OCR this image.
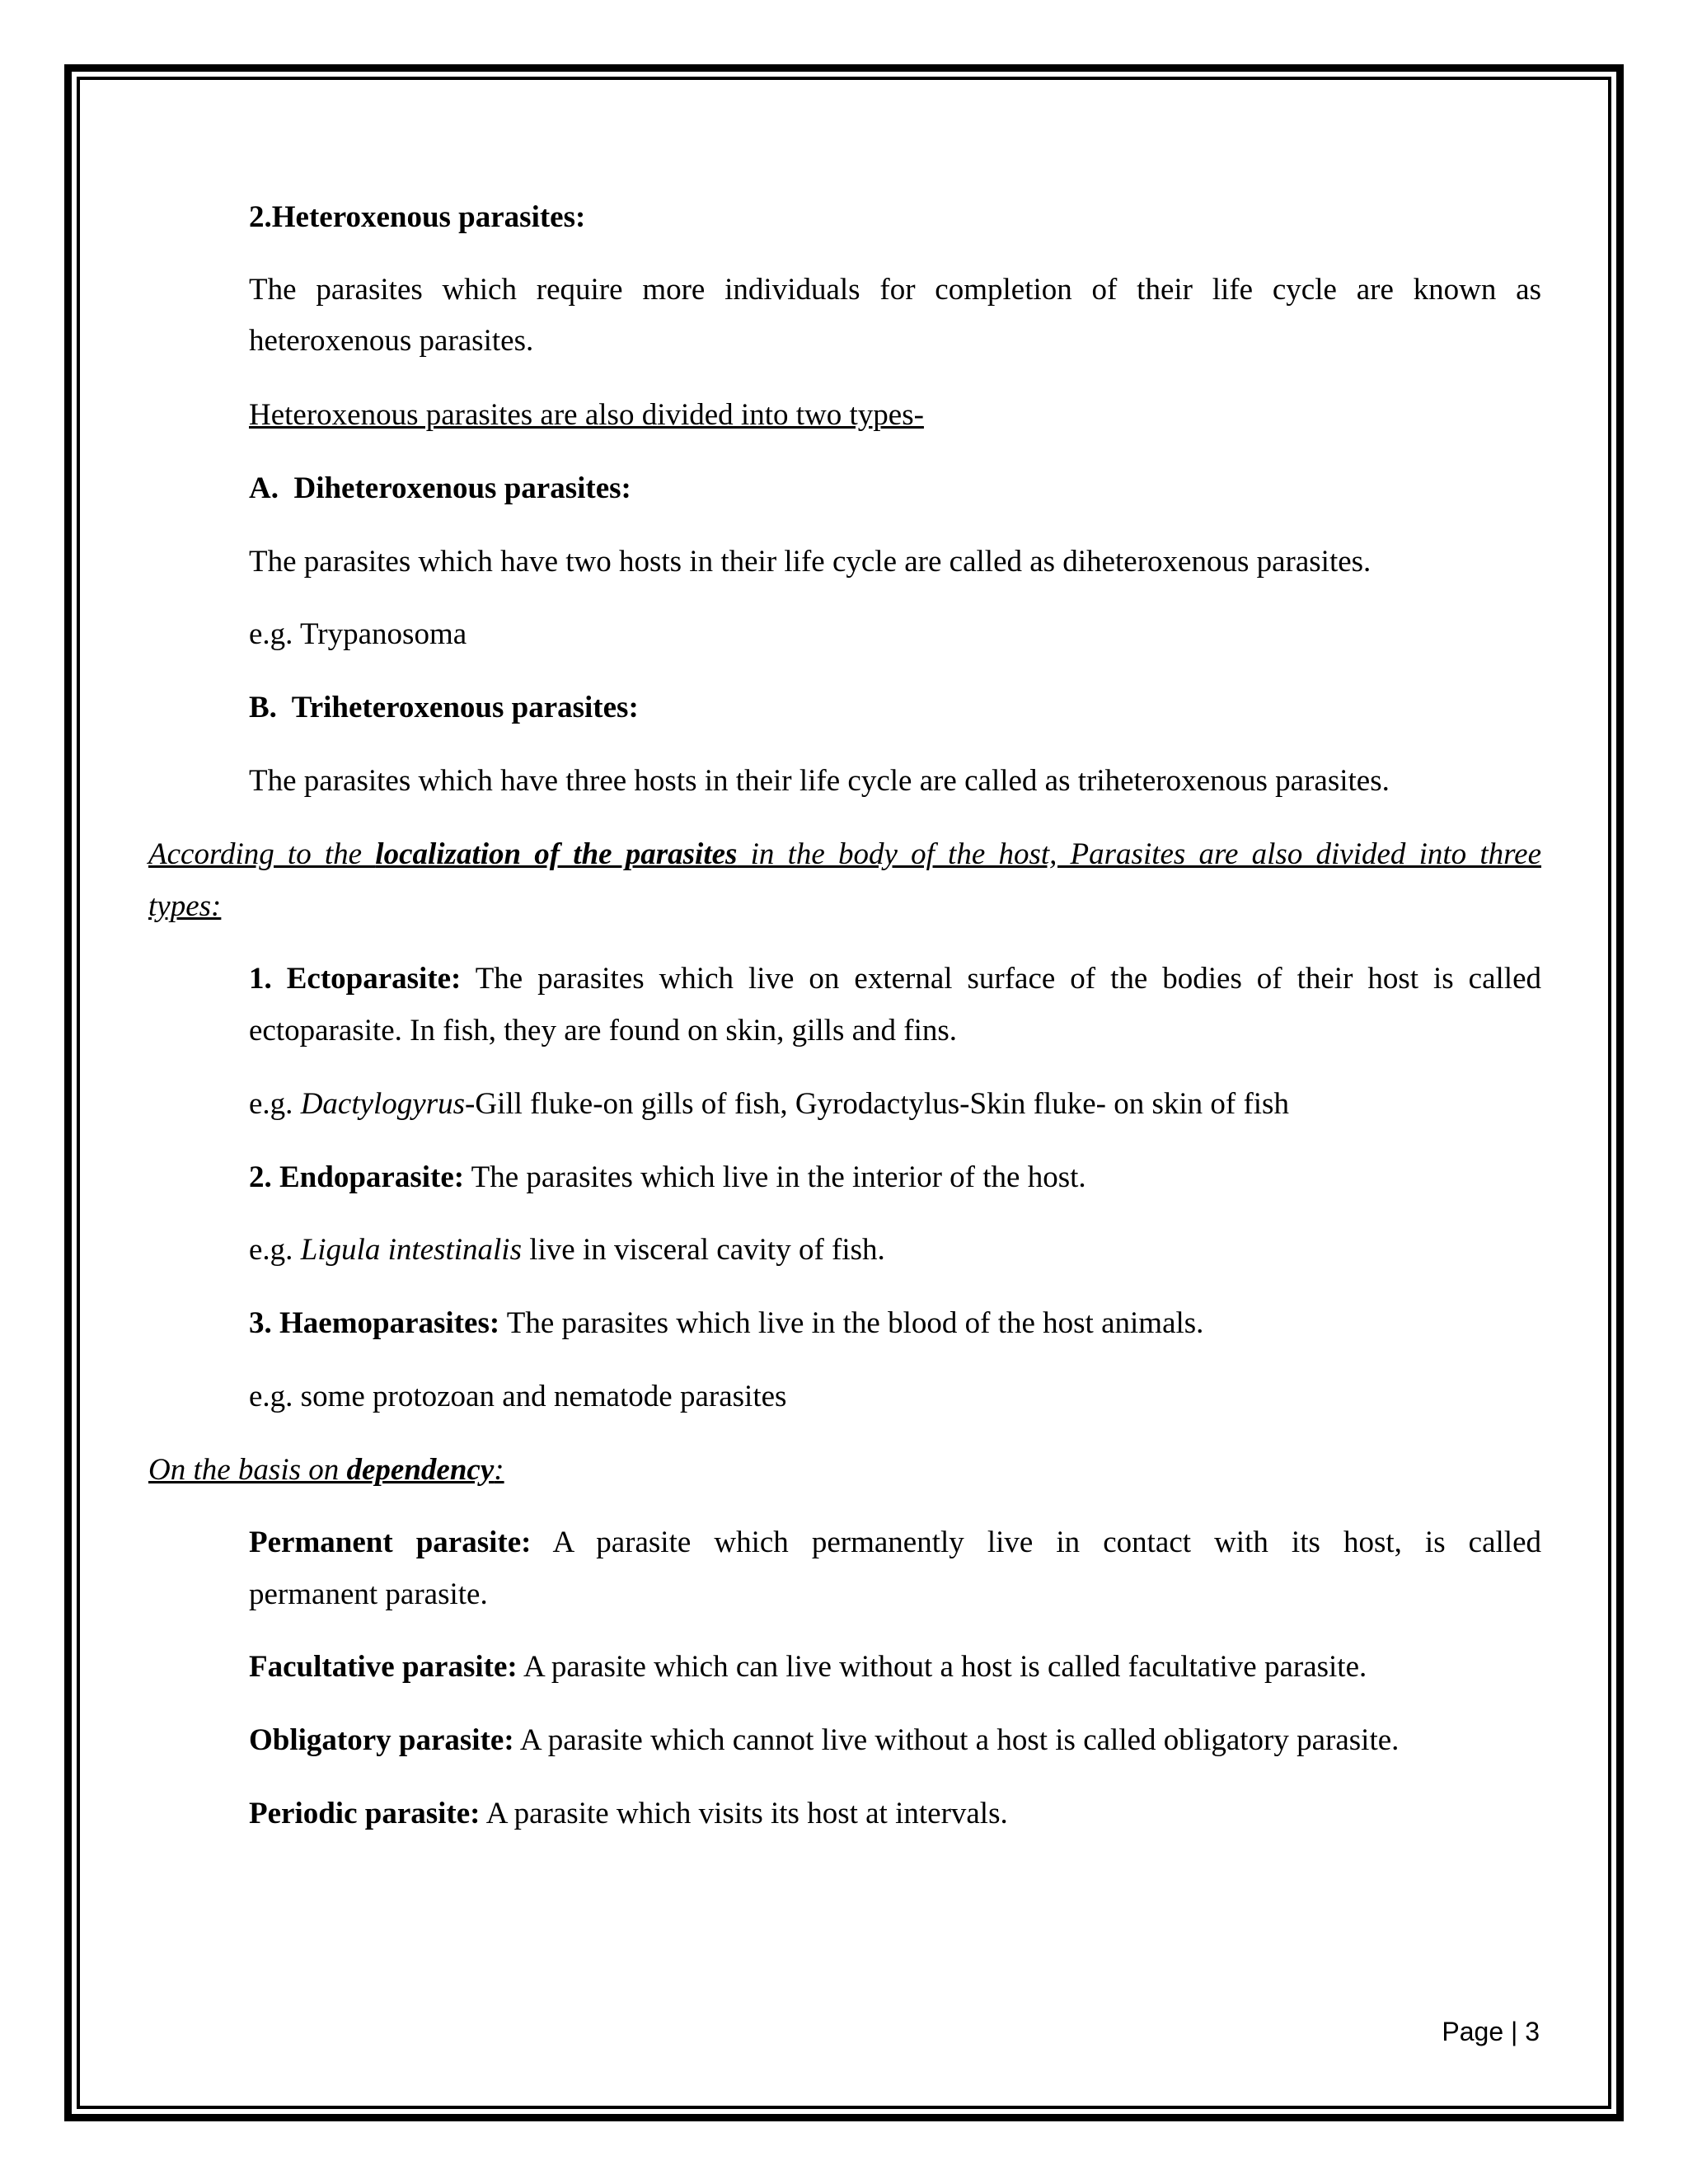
2.Heteroxenous parasites:
The parasites which require more individuals for completion of their life cycle are known as
heteroxenous parasites.
Heteroxenous parasites are also divided into two types-
A.  Diheteroxenous parasites:
The parasites which have two hosts in their life cycle are called as diheteroxenous parasites.
e.g. Trypanosoma
B.  Triheteroxenous parasites:
The parasites which have three hosts in their life cycle are called as triheteroxenous parasites.
According to the localization of the parasites in the body of the host, Parasites are also divided into three
types:
1. Ectoparasite: The parasites which live on external surface of the bodies of their host is called
ectoparasite. In fish, they are found on skin, gills and fins.
e.g. Dactylogyrus-Gill fluke-on gills of fish, Gyrodactylus-Skin fluke- on skin of fish
2. Endoparasite: The parasites which live in the interior of the host.
e.g. Ligula intestinalis live in visceral cavity of fish.
3. Haemoparasites: The parasites which live in the blood of the host animals.
e.g. some protozoan and nematode parasites
On the basis on dependency:
Permanent parasite: A parasite which permanently live in contact with its host, is called
permanent parasite.
Facultative parasite: A parasite which can live without a host is called facultative parasite.
Obligatory parasite: A parasite which cannot live without a host is called obligatory parasite.
Periodic parasite: A parasite which visits its host at intervals.
Page | 3
